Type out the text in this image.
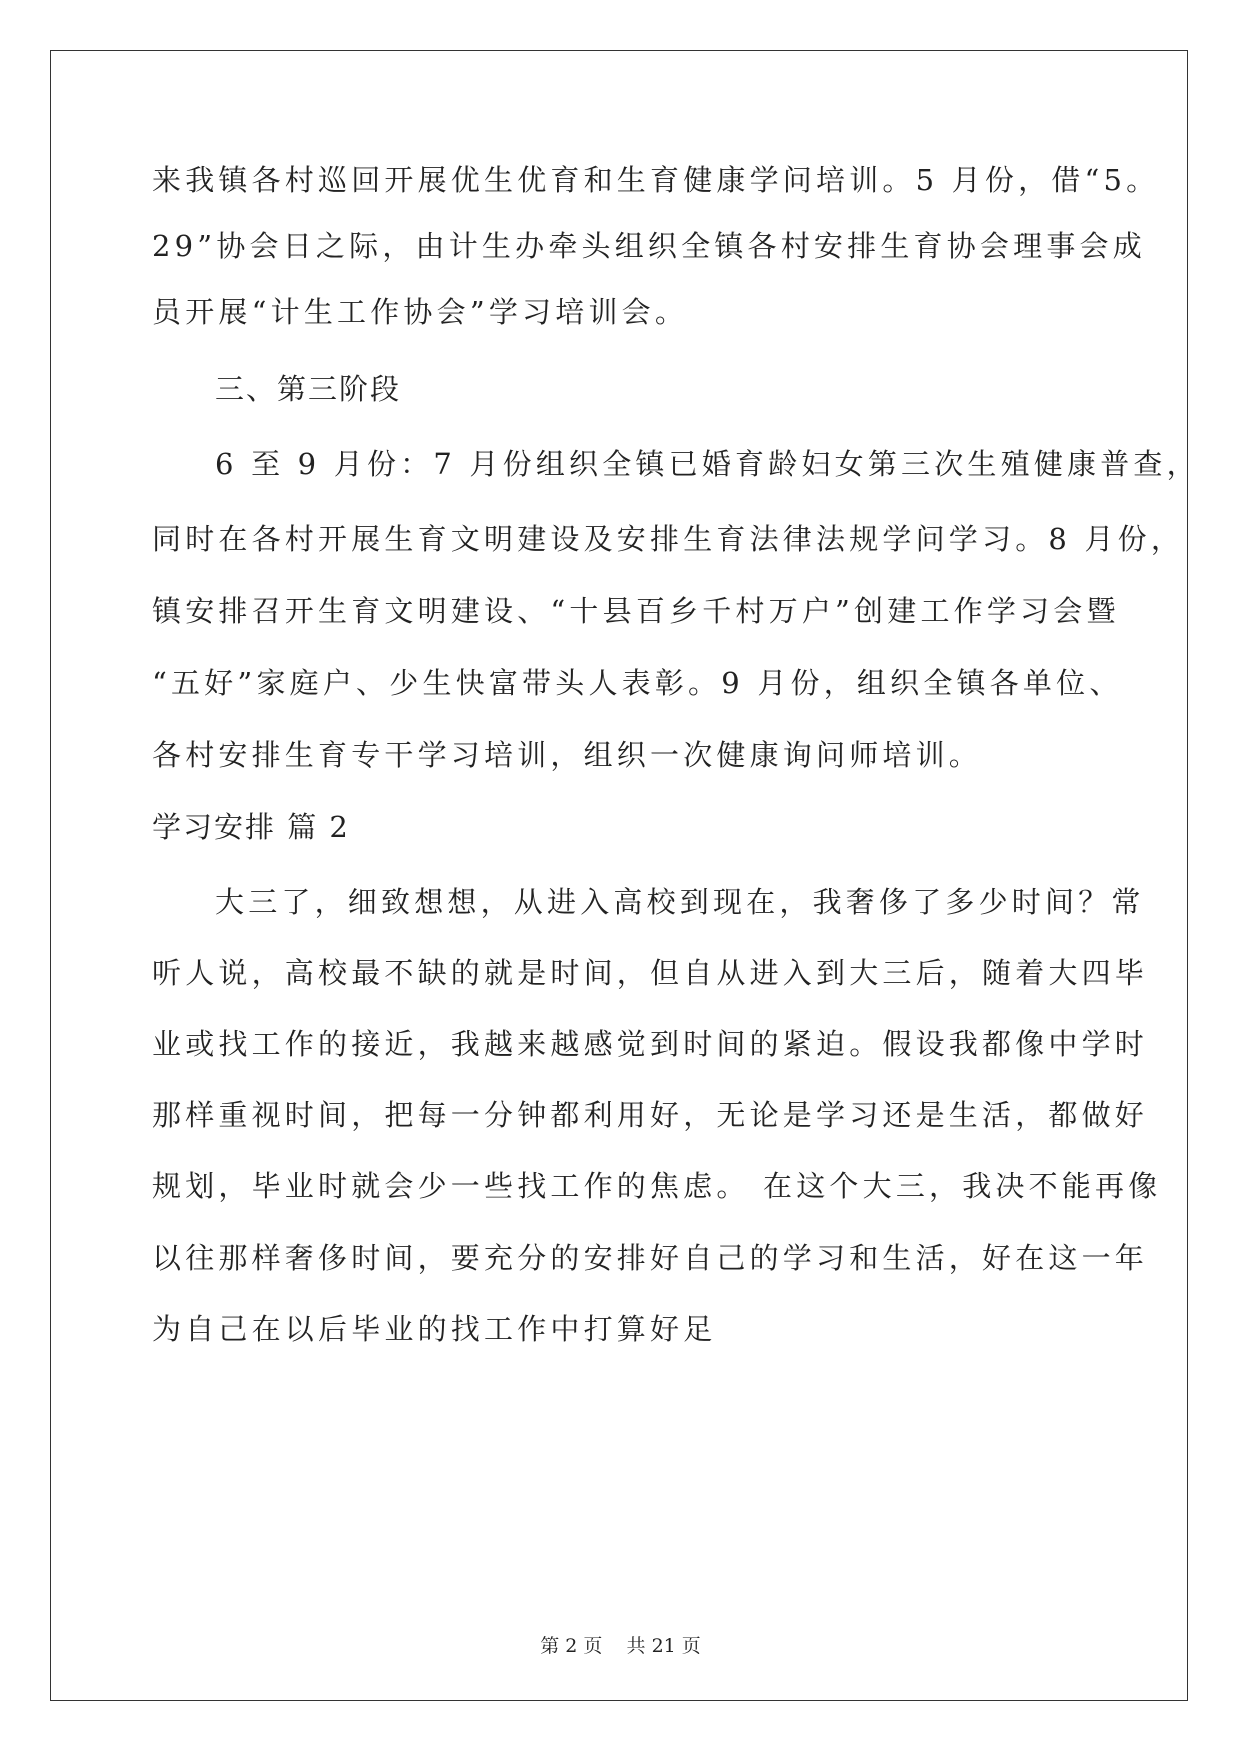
来我镇各村巡回开展优生优育和生育健康学问培训。5 月份，借“5。
29”协会日之际，由计生办牵头组织全镇各村安排生育协会理事会成
员开展“计生工作协会”学习培训会。
三、第三阶段
6 至 9 月份：7 月份组织全镇已婚育龄妇女第三次生殖健康普查，
同时在各村开展生育文明建设及安排生育法律法规学问学习。8 月份，
镇安排召开生育文明建设、“十县百乡千村万户”创建工作学习会暨
“五好”家庭户、少生快富带头人表彰。9 月份，组织全镇各单位、
各村安排生育专干学习培训，组织一次健康询问师培训。
学习安排 篇 2
大三了，细致想想，从进入高校到现在，我奢侈了多少时间？常
听人说，高校最不缺的就是时间，但自从进入到大三后，随着大四毕
业或找工作的接近，我越来越感觉到时间的紧迫。假设我都像中学时
那样重视时间，把每一分钟都利用好，无论是学习还是生活，都做好
规划，毕业时就会少一些找工作的焦虑。 在这个大三，我决不能再像
以往那样奢侈时间，要充分的安排好自己的学习和生活，好在这一年
为自己在以后毕业的找工作中打算好足
第 2 页    共 21 页
